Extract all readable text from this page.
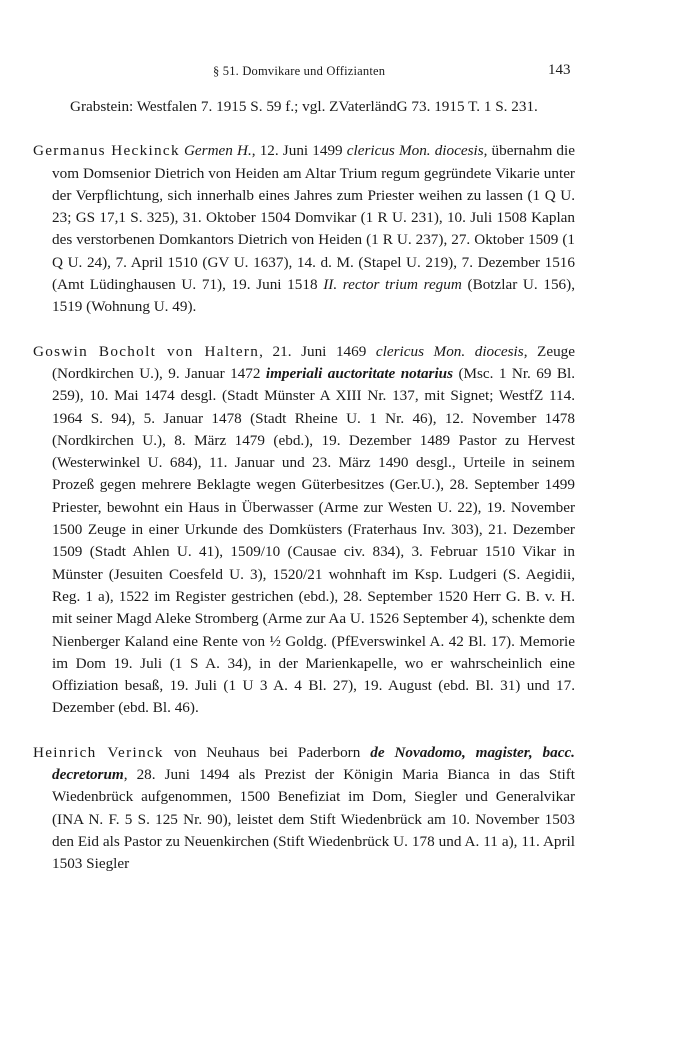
§ 51. Domvikare und Offizianten	143

Grabstein: Westfalen 7. 1915 S. 59 f.; vgl. ZVaterländG 73. 1915 T. 1 S. 231.

Germanus Heckinck Germen H., 12. Juni 1499 clericus Mon. diocesis, übernahm die vom Domsenior Dietrich von Heiden am Altar Trium regum gegründete Vikarie unter der Verpflichtung, sich innerhalb eines Jahres zum Priester weihen zu lassen (1 Q U. 23; GS 17,1 S. 325), 31. Oktober 1504 Domvikar (1 R U. 231), 10. Juli 1508 Kaplan des verstorbenen Domkantors Dietrich von Heiden (1 R U. 237), 27. Oktober 1509 (1 Q U. 24), 7. April 1510 (GV U. 1637), 14. d. M. (Stapel U. 219), 7. Dezember 1516 (Amt Lüdinghausen U. 71), 19. Juni 1518 II. rector trium regum (Botzlar U. 156), 1519 (Wohnung U. 49).

Goswin Bocholt von Haltern, 21. Juni 1469 clericus Mon. diocesis, Zeuge (Nordkirchen U.), 9. Januar 1472 imperiali auctoritate notarius (Msc. 1 Nr. 69 Bl. 259), 10. Mai 1474 desgl. (Stadt Münster A XIII Nr. 137, mit Signet; WestfZ 114. 1964 S. 94), 5. Januar 1478 (Stadt Rheine U. 1 Nr. 46), 12. November 1478 (Nordkirchen U.), 8. März 1479 (ebd.), 19. Dezember 1489 Pastor zu Hervest (Westerwinkel U. 684), 11. Januar und 23. März 1490 desgl., Urteile in seinem Prozeß gegen mehrere Beklagte wegen Güterbesitzes (Ger.U.), 28. September 1499 Priester, bewohnt ein Haus in Überwasser (Arme zur Westen U. 22), 19. November 1500 Zeuge in einer Urkunde des Domküsters (Fraterhaus Inv. 303), 21. Dezember 1509 (Stadt Ahlen U. 41), 1509/10 (Causae civ. 834), 3. Februar 1510 Vikar in Münster (Jesuiten Coesfeld U. 3), 1520/21 wohnhaft im Ksp. Ludgeri (S. Aegidii, Reg. 1 a), 1522 im Register gestrichen (ebd.), 28. September 1520 Herr G. B. v. H. mit seiner Magd Aleke Stromberg (Arme zur Aa U. 1526 September 4), schenkte dem Nienberger Kaland eine Rente von ½ Goldg. (PfEverswinkel A. 42 Bl. 17). Memorie im Dom 19. Juli (1 S A. 34), in der Marienkapelle, wo er wahrscheinlich eine Offiziation besaß, 19. Juli (1 U 3 A. 4 Bl. 27), 19. August (ebd. Bl. 31) und 17. Dezember (ebd. Bl. 46).

Heinrich Verinck von Neuhaus bei Paderborn de Novadomo, magister, bacc. decretorum, 28. Juni 1494 als Prezist der Königin Maria Bianca in das Stift Wiedenbrück aufgenommen, 1500 Benefiziat im Dom, Siegler und Generalvikar (INA N. F. 5 S. 125 Nr. 90), leistet dem Stift Wiedenbrück am 10. November 1503 den Eid als Pastor zu Neuenkirchen (Stift Wiedenbrück U. 178 und A. 11 a), 11. April 1503 Siegler
